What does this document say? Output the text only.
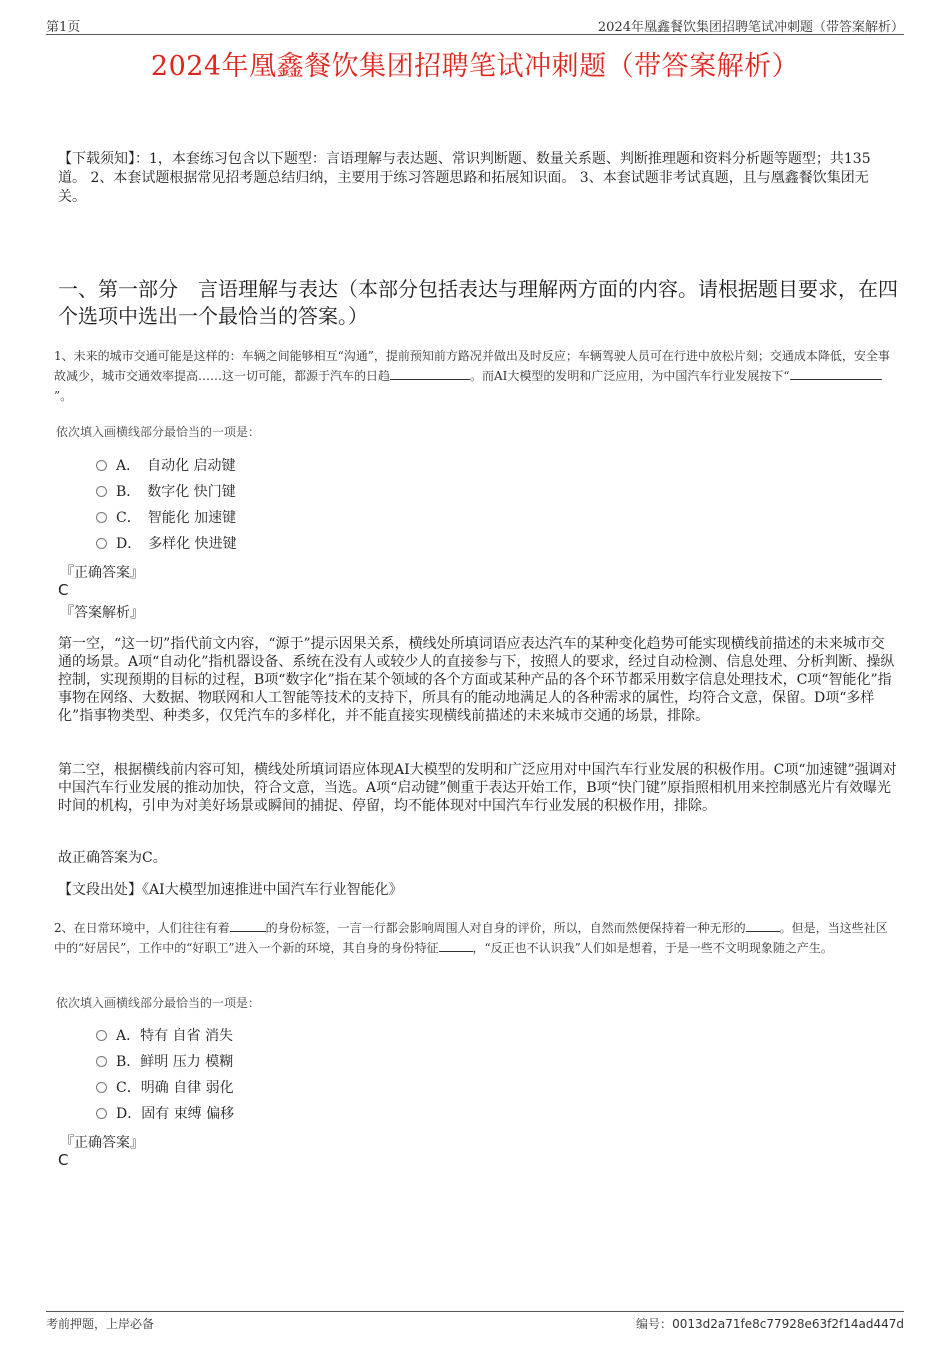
第1页	2024年凰鑫餐饮集团招聘笔试冲刺题（带答案解析）
2024年凰鑫餐饮集团招聘笔试冲刺题（带答案解析）
【下载须知】：1，本套练习包含以下题型：言语理解与表达题、常识判断题、数量关系题、判断推理题和资料分析题等题型；共135道。 2、本套试题根据常见招考题总结归纳，主要用于练习答题思路和拓展知识面。 3、本套试题非考试真题，且与凰鑫餐饮集团无关。
一、第一部分　言语理解与表达（本部分包括表达与理解两方面的内容。请根据题目要求，在四个选项中选出一个最恰当的答案。）
1、未来的城市交通可能是这样的：车辆之间能够相互“沟通”，提前预知前方路况并做出及时反应；车辆驾驶人员可在行进中放松片刻；交通成本降低，安全事故减少，城市交通效率提高……这一切可能，都源于汽车的日趋	。而AI大模型的发明和广泛应用，为中国汽车行业发展按下“”。
依次填入画横线部分最恰当的一项是：
A．　自动化 启动键
B．　数字化 快门键
C．　智能化 加速键
D．　多样化 快进键
『正确答案』
C
『答案解析』
第一空，“这一切”指代前文内容，“源于”提示因果关系，横线处所填词语应表达汽车的某种变化趋势可能实现横线前描述的未来城市交通的场景。A项“自动化”指机器设备、系统在没有人或较少人的直接参与下，按照人的要求，经过自动检测、信息处理、分析判断、操纵控制，实现预期的目标的过程，B项“数字化”指在某个领域的各个方面或某种产品的各个环节都采用数字信息处理技术，C项“智能化”指事物在网络、大数据、物联网和人工智能等技术的支持下，所具有的能动地满足人的各种需求的属性，均符合文意，保留。D项“多样化”指事物类型、种类多，仅凭汽车的多样化，并不能直接实现横线前描述的未来城市交通的场景，排除。
第二空，根据横线前内容可知，横线处所填词语应体现AI大模型的发明和广泛应用对中国汽车行业发展的积极作用。C项“加速键”强调对中国汽车行业发展的推动加快，符合文意，当选。A项“启动键”侧重于表达开始工作，B项“快门键”原指照相机用来控制感光片有效曝光时间的机构，引申为对美好场景或瞬间的捕捉、停留，均不能体现对中国汽车行业发展的积极作用，排除。
故正确答案为C。
【文段出处】《AI大模型加速推进中国汽车行业智能化》
2、在日常环境中，人们往往有着	的身份标签，一言一行都会影响周围人对自身的评价，所以，自然而然便保持着一种无形的	。但是，当这些社区中的“好居民”，工作中的“好职工”进入一个新的环境，其自身的身份特征	，“反正也不认识我”人们如是想着，于是一些不文明现象随之产生。
依次填入画横线部分最恰当的一项是：
A．特有 自省 消失
B．鲜明 压力 模糊
C．明确 自律 弱化
D．固有 束缚 偏移
『正确答案』
C
考前押题，上岸必备	编号：0013d2a71fe8c77928e63f2f14ad447d
